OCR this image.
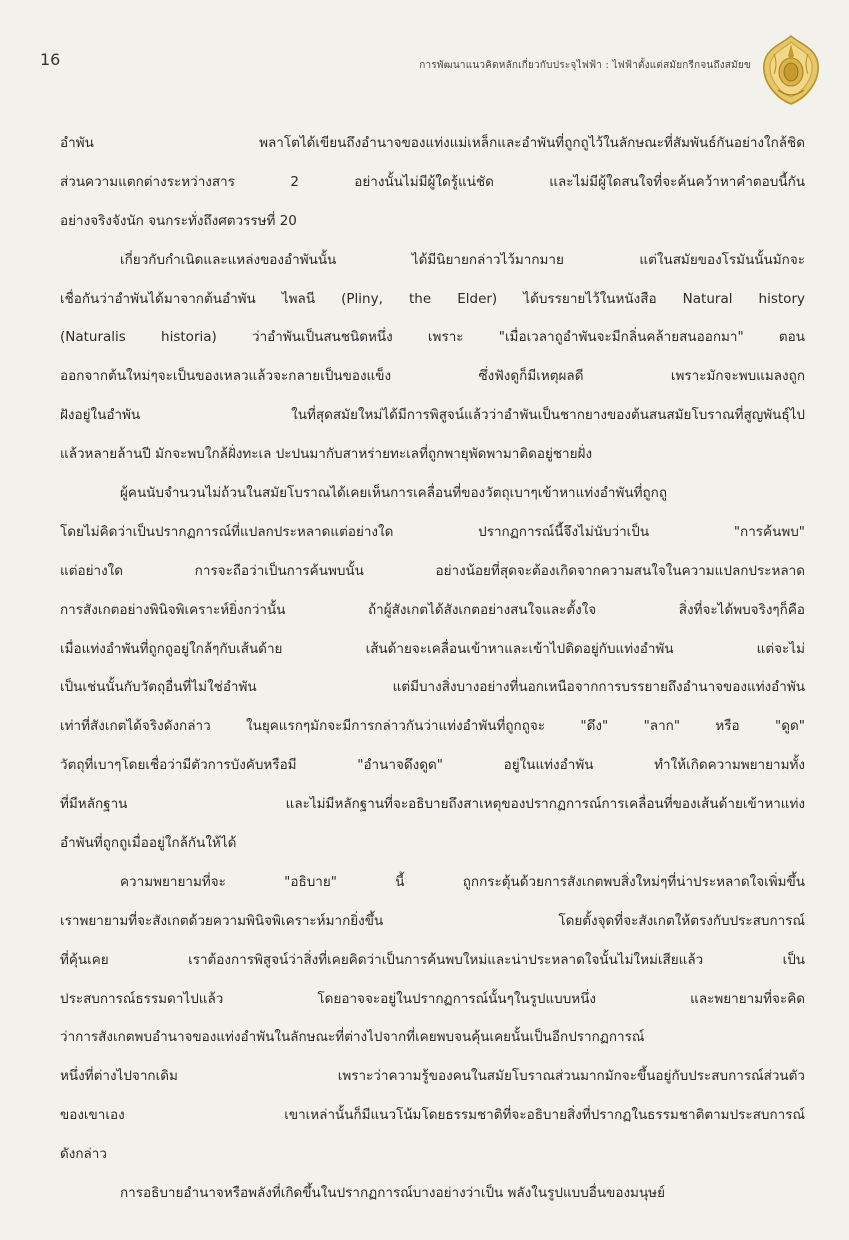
16	การพัฒนาแนวคิดหลักเกี่ยวกับประจุไฟฟ้า : ไฟฟ้าตั้งแต่สมัยกรีกจนถึงสมัยข
อำพัน พลาโตได้เขียนถึงอำนาจของแท่งแม่เหล็กและอำพันที่ถูกถูไว้ในลักษณะที่สัมพันธ์กันอย่างใกล้ชิด
ส่วนความแตกต่างระหว่างสาร 2 อย่างนั้นไม่มีผู้ใดรู้แน่ชัด และไม่มีผู้ใดสนใจที่จะค้นคว้าหาคำตอบนี้กัน
อย่างจริงจังนัก จนกระทั่งถึงศตวรรษที่ 20
เกี่ยวกับกำเนิดและแหล่งของอำพันนั้น ได้มีนิยายกล่าวไว้มากมาย แต่ในสมัยของโรมันนั้นมักจะ
เชื่อกันว่าอำพันได้มาจากต้นอำพัน ไพลนี (Pliny, the Elder) ได้บรรยายไว้ในหนังสือ Natural history
(Naturalis historia) ว่าอำพันเป็นสนชนิดหนึ่ง เพราะ "เมื่อเวลาถูอำพันจะมีกลิ่นคล้ายสนออกมา" ตอน
ออกจากต้นใหม่ๆจะเป็นของเหลวแล้วจะกลายเป็นของแข็ง ซึ่งฟังดูก็มีเหตุผลดี เพราะมักจะพบแมลงถูก
ฝังอยู่ในอำพัน ในที่สุดสมัยใหม่ได้มีการพิสูจน์แล้วว่าอำพันเป็นชากยางของต้นสนสมัยโบราณที่สูญพันธุ์ไป
แล้วหลายล้านปี มักจะพบใกล้ฝั่งทะเล ปะปนมากับสาหร่ายทะเลที่ถูกพายุพัดพามาติดอยู่ชายฝั่ง
ผู้คนนับจำนวนไม่ถ้วนในสมัยโบราณได้เคยเห็นการเคลื่อนที่ของวัตถุเบาๆเข้าหาแท่งอำพันที่ถูกถู
โดยไม่คิดว่าเป็นปรากฏการณ์ที่แปลกประหลาดแต่อย่างใด ปรากฏการณ์นี้จึงไม่นับว่าเป็น "การค้นพบ"
แต่อย่างใด การจะถือว่าเป็นการค้นพบนั้น อย่างน้อยที่สุดจะต้องเกิดจากความสนใจในความแปลกประหลาด
การสังเกตอย่างพินิจพิเคราะห์ยิ่งกว่านั้น ถ้าผู้สังเกตได้สังเกตอย่างสนใจและตั้งใจ สิ่งที่จะได้พบจริงๆก็คือ
เมื่อแท่งอำพันที่ถูกถูอยู่ใกล้ๆกับเส้นด้าย เส้นด้ายจะเคลื่อนเข้าหาและเข้าไปติดอยู่กับแท่งอำพัน แต่จะไม่
เป็นเช่นนั้นกับวัตถุอื่นที่ไม่ใช่อำพัน แต่มีบางสิ่งบางอย่างที่นอกเหนือจากการบรรยายถึงอำนาจของแท่งอำพัน
เท่าที่สังเกตได้จริงดังกล่าว ในยุคแรกๆมักจะมีการกล่าวกันว่าแท่งอำพันที่ถูกถูจะ "ดึง" "ลาก" หรือ "ดูด"
วัตถุที่เบาๆโดยเชื่อว่ามีตัวการบังคับหรือมี "อำนาจดึงดูด" อยู่ในแท่งอำพัน ทำให้เกิดความพยายามทั้ง
ที่มีหลักฐาน และไม่มีหลักฐานที่จะอธิบายถึงสาเหตุของปรากฏการณ์การเคลื่อนที่ของเส้นด้ายเข้าหาแท่ง
อำพันที่ถูกถูเมื่ออยู่ใกล้กันให้ได้
ความพยายามที่จะ "อธิบาย" นี้ ถูกกระตุ้นด้วยการสังเกตพบสิ่งใหม่ๆที่น่าประหลาดใจเพิ่มขึ้น
เราพยายามที่จะสังเกตด้วยความพินิจพิเคราะห์มากยิ่งขึ้น โดยตั้งจุดที่จะสังเกตให้ตรงกับประสบการณ์
ที่คุ้นเคย เราต้องการพิสูจน์ว่าสิ่งที่เคยคิดว่าเป็นการค้นพบใหม่และน่าประหลาดใจนั้นไม่ใหม่เสียแล้ว เป็น
ประสบการณ์ธรรมดาไปแล้ว โดยอาจจะอยู่ในปรากฏการณ์นั้นๆในรูปแบบหนึ่ง และพยายามที่จะคิด
ว่าการสังเกตพบอำนาจของแท่งอำพันในลักษณะที่ต่างไปจากที่เคยพบจนคุ้นเคยนั้นเป็นอีกปรากฏการณ์
หนึ่งที่ต่างไปจากเดิม เพราะว่าความรู้ของคนในสมัยโบราณส่วนมากมักจะขึ้นอยู่กับประสบการณ์ส่วนตัว
ของเขาเอง เขาเหล่านั้นก็มีแนวโน้มโดยธรรมชาติที่จะอธิบายสิ่งที่ปรากฏในธรรมชาติตามประสบการณ์
ดังกล่าว
การอธิบายอำนาจหรือพลังที่เกิดขึ้นในปรากฏการณ์บางอย่างว่าเป็น พลังในรูปแบบอื่นของมนุษย์
